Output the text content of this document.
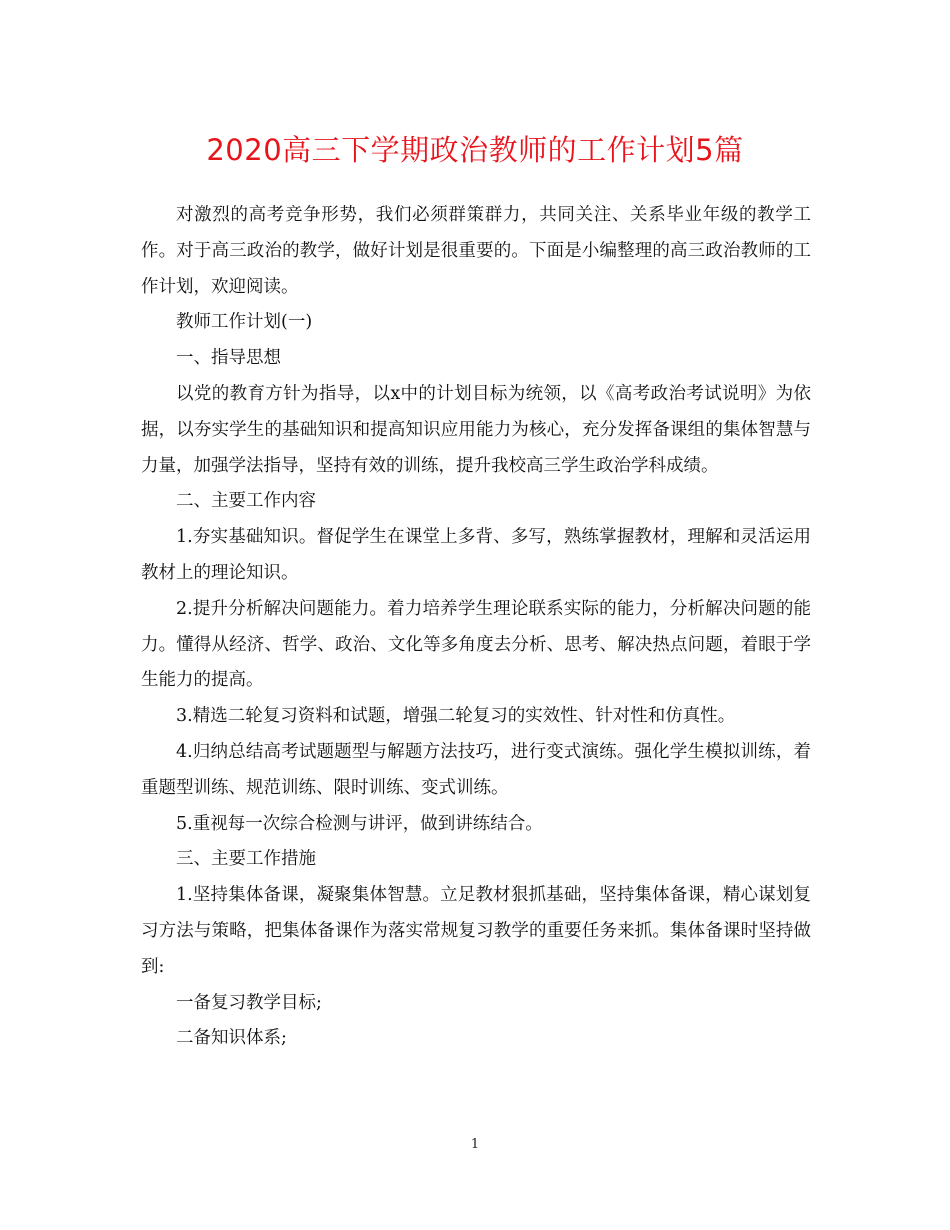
2020高三下学期政治教师的工作计划5篇

对激烈的高考竞争形势，我们必须群策群力，共同关注、关系毕业年级的教学工作。对于高三政治的教学，做好计划是很重要的。下面是小编整理的高三政治教师的工作计划，欢迎阅读。

教师工作计划(一)

一、指导思想

以党的教育方针为指导，以x中的计划目标为统领，以《高考政治考试说明》为依据，以夯实学生的基础知识和提高知识应用能力为核心，充分发挥备课组的集体智慧与力量，加强学法指导，坚持有效的训练，提升我校高三学生政治学科成绩。

二、主要工作内容

1.夯实基础知识。督促学生在课堂上多背、多写，熟练掌握教材，理解和灵活运用教材上的理论知识。

2.提升分析解决问题能力。着力培养学生理论联系实际的能力，分析解决问题的能力。懂得从经济、哲学、政治、文化等多角度去分析、思考、解决热点问题，着眼于学生能力的提高。

3.精选二轮复习资料和试题，增强二轮复习的实效性、针对性和仿真性。

4.归纳总结高考试题题型与解题方法技巧，进行变式演练。强化学生模拟训练，着重题型训练、规范训练、限时训练、变式训练。

5.重视每一次综合检测与讲评，做到讲练结合。

三、主要工作措施

1.坚持集体备课，凝聚集体智慧。立足教材狠抓基础，坚持集体备课，精心谋划复习方法与策略，把集体备课作为落实常规复习教学的重要任务来抓。集体备课时坚持做到:

一备复习教学目标;

二备知识体系;

1
